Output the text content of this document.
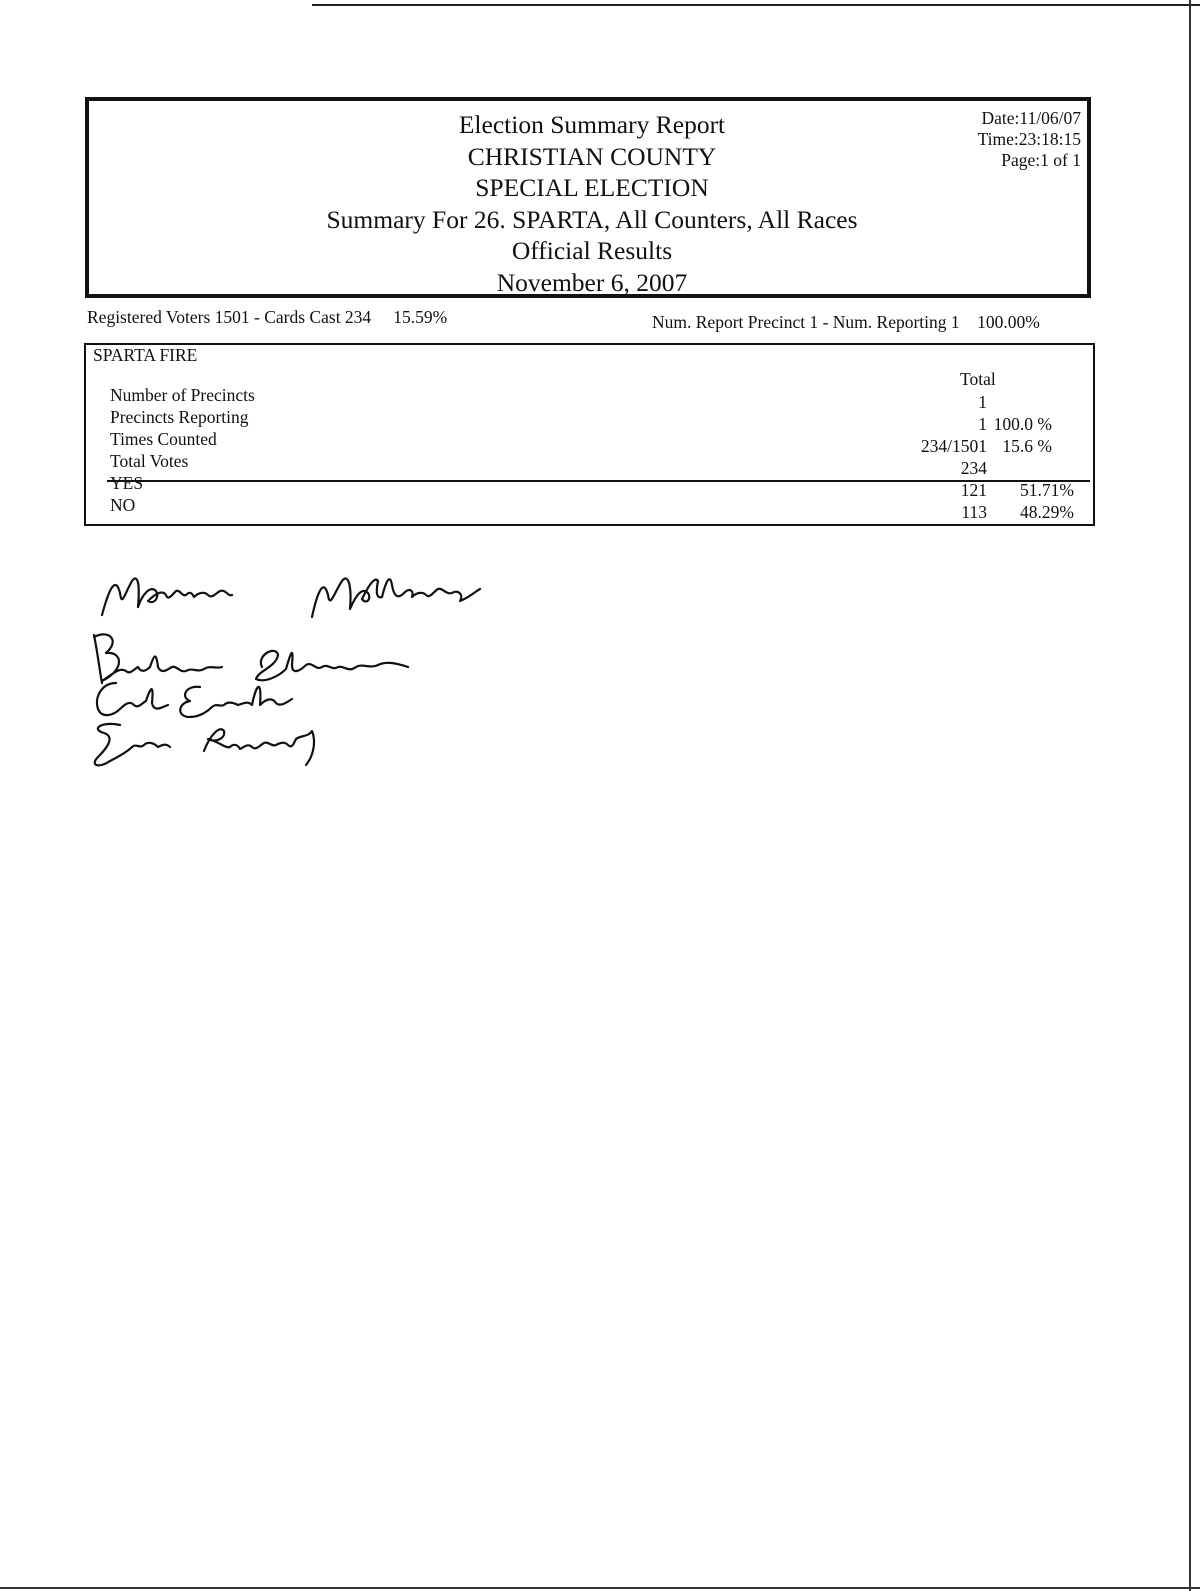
Election Summary Report
CHRISTIAN COUNTY
SPECIAL ELECTION
Summary For 26. SPARTA, All Counters, All Races
Official Results
November 6, 2007
Date:11/06/07
Time:23:18:15
Page:1 of 1
Registered Voters 1501 - Cards Cast 234 15.59%	Num. Report Precinct 1 - Num. Reporting 1 100.00%
SPARTA FIRE
Total
Number of Precincts	1
Precincts Reporting	1 100.0 %
Times Counted	234/1501 15.6 %
Total Votes	234
YES	121 51.71%
NO	113 48.29%
